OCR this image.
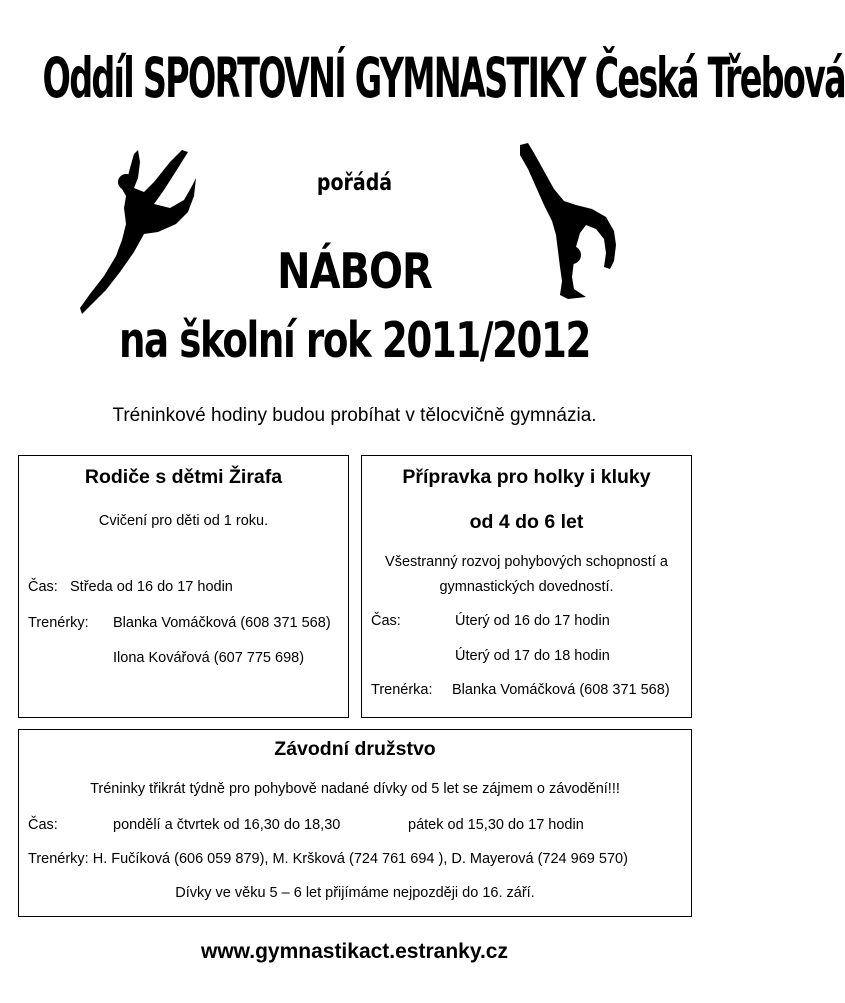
Oddíl SPORTOVNÍ GYMNASTIKY Česká Třebová
pořádá
NÁBOR
na školní rok 2011/2012
Tréninkové hodiny budou probíhat v tělocvičně gymnázia.
Rodiče s dětmi Žirafa
Cvičení pro děti od 1 roku.
Čas: Středa od 16 do 17 hodin
Trenérky: Blanka Vomáčková (608 371 568)
Ilona Kovářová (607 775 698)
Přípravka pro holky i kluky
od 4 do 6 let
Všestranný rozvoj pohybových schopností a
gymnastických dovedností.
Čas:	Úterý od 16 do 17 hodin
Úterý od 17 do 18 hodin
Trenérka: Blanka Vomáčková (608 371 568)
Závodní družstvo
Tréninky třikrát týdně pro pohybově nadané dívky od 5 let se zájmem o závodění!!!
Čas:	pondělí a čtvrtek od 16,30 do 18,30	pátek od 15,30 do 17 hodin
Trenérky: H. Fučíková (606 059 879), M. Kršková (724 761 694 ), D. Mayerová (724 969 570)
Dívky ve věku 5 – 6 let přijímáme nejpozději do 16. září.
www.gymnastikact.estranky.cz
